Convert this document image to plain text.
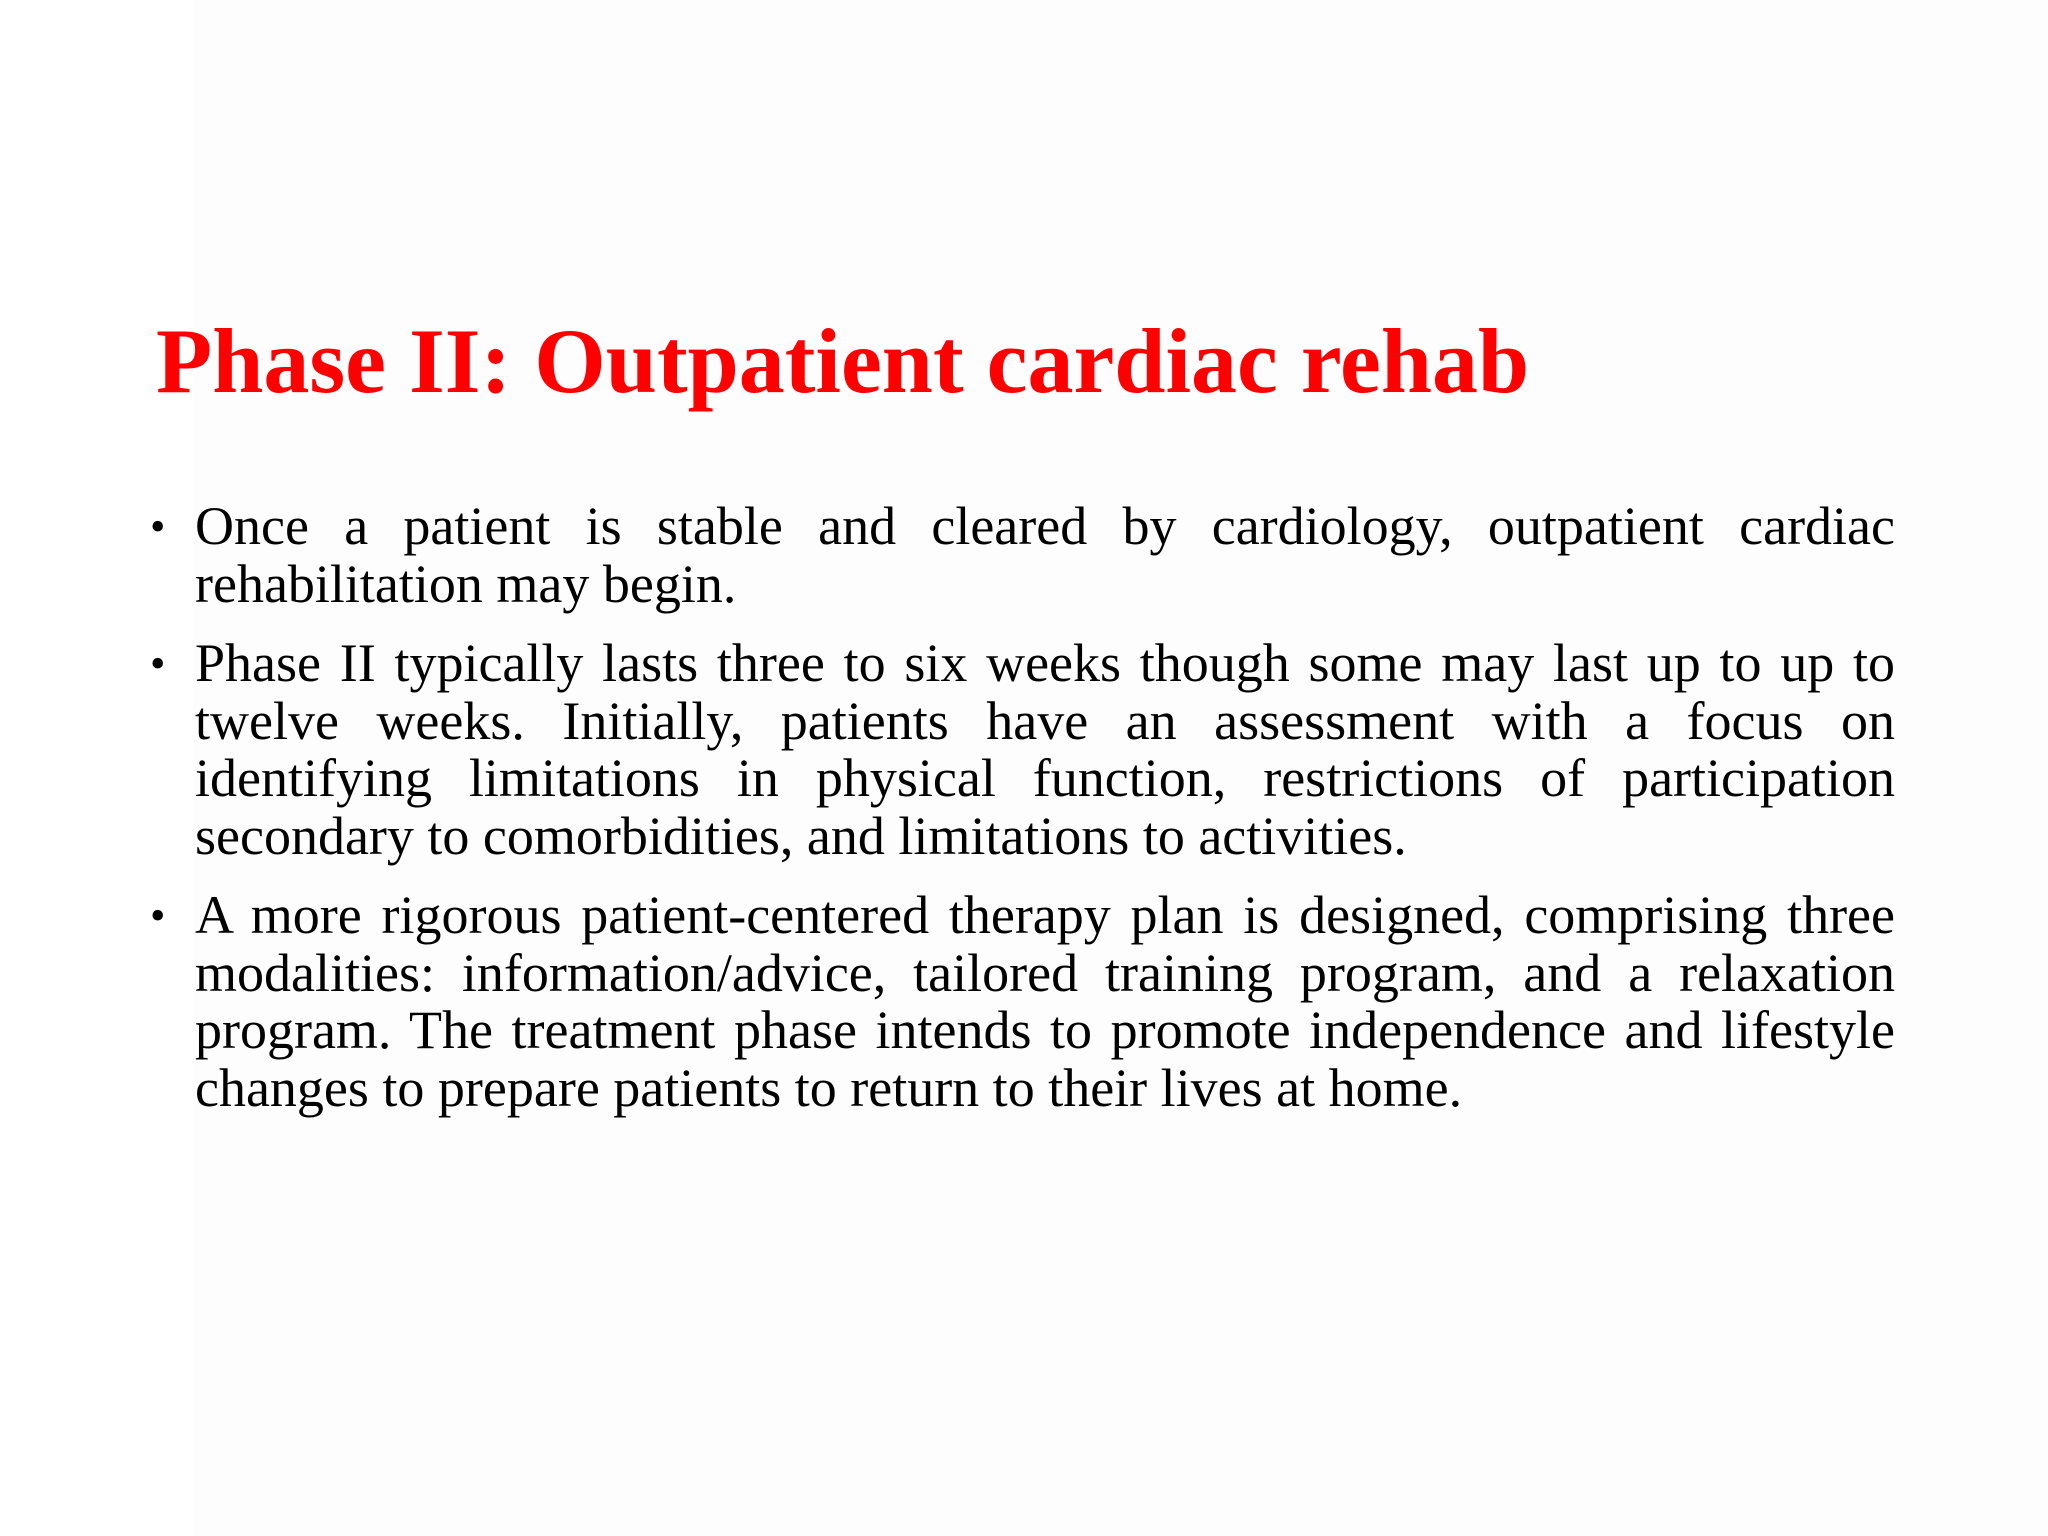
Phase II: Outpatient cardiac rehab
• Once a patient is stable and cleared by cardiology, outpatient cardiac rehabilitation may begin.
• Phase II typically lasts three to six weeks though some may last up to up to twelve weeks. Initially, patients have an assessment with a focus on identifying limitations in physical function, restrictions of participation secondary to comorbidities, and limitations to activities.
• A more rigorous patient-centered therapy plan is designed, comprising three modalities: information/advice, tailored training program, and a relaxation program. The treatment phase intends to promote independence and lifestyle changes to prepare patients to return to their lives at home.
